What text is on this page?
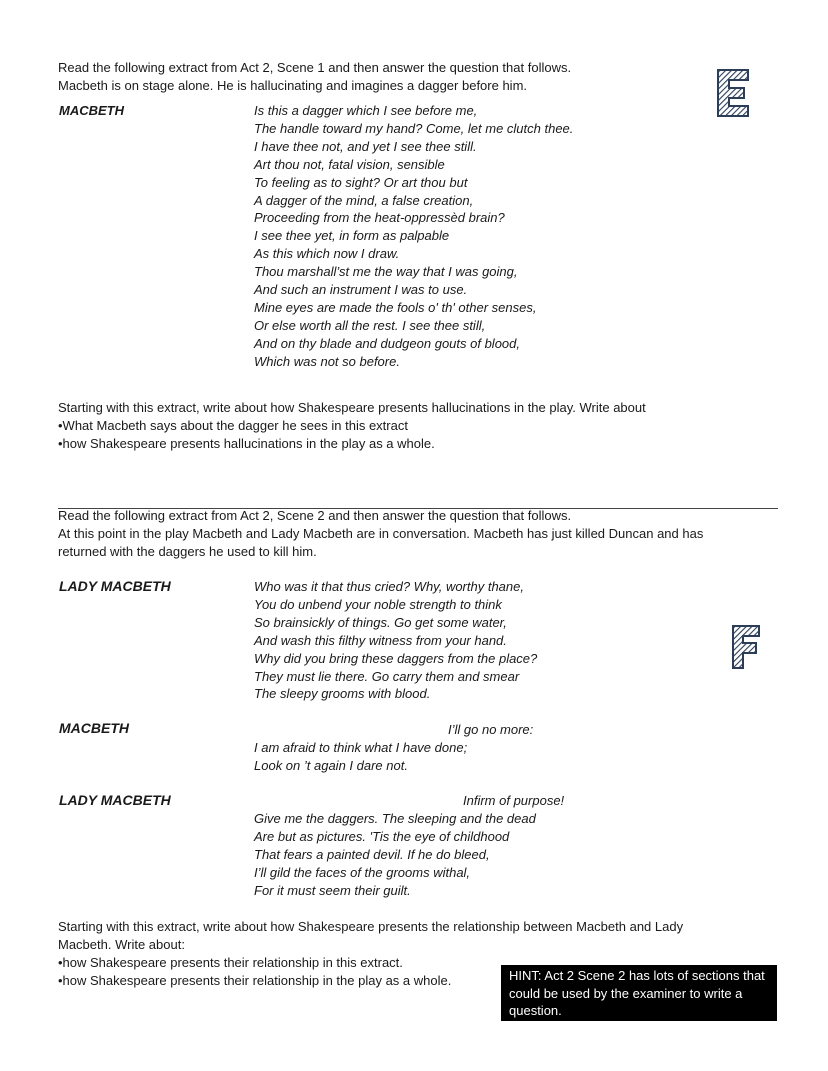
Read the following extract from Act 2, Scene 1 and then answer the question that follows.
Macbeth is on stage alone. He is hallucinating and imagines a dagger before him.
MACBETH	Is this a dagger which I see before me,
The handle toward my hand? Come, let me clutch thee.
I have thee not, and yet I see thee still.
Art thou not, fatal vision, sensible
To feeling as to sight? Or art thou but
A dagger of the mind, a false creation,
Proceeding from the heat-oppressèd brain?
I see thee yet, in form as palpable
As this which now I draw.
Thou marshall’st me the way that I was going,
And such an instrument I was to use.
Mine eyes are made the fools o' th' other senses,
Or else worth all the rest. I see thee still,
And on thy blade and dudgeon gouts of blood,
Which was not so before.
Starting with this extract, write about how Shakespeare presents hallucinations in the play. Write about
•What Macbeth says about the dagger he sees in this extract
•how Shakespeare presents hallucinations in the play as a whole.
Read the following extract from Act 2, Scene 2 and then answer the question that follows.
At this point in the play Macbeth and Lady Macbeth are in conversation. Macbeth has just killed Duncan and has
returned with the daggers he used to kill him.
LADY MACBETH	Who was it that thus cried? Why, worthy thane,
You do unbend your noble strength to think
So brainsickly of things. Go get some water,
And wash this filthy witness from your hand.
Why did you bring these daggers from the place?
They must lie there. Go carry them and smear
The sleepy grooms with blood.
MACBETH	I’ll go no more:
I am afraid to think what I have done;
Look on ’t again I dare not.
LADY MACBETH	Infirm of purpose!
Give me the daggers. The sleeping and the dead
Are but as pictures. 'Tis the eye of childhood
That fears a painted devil. If he do bleed,
I’ll gild the faces of the grooms withal,
For it must seem their guilt.
Starting with this extract, write about how Shakespeare presents the relationship between Macbeth and Lady
Macbeth. Write about:
•how Shakespeare presents their relationship in this extract.
•how Shakespeare presents their relationship in the play as a whole.	HINT: Act 2 Scene 2 has lots of sections that
could be used by the examiner to write a
question.
